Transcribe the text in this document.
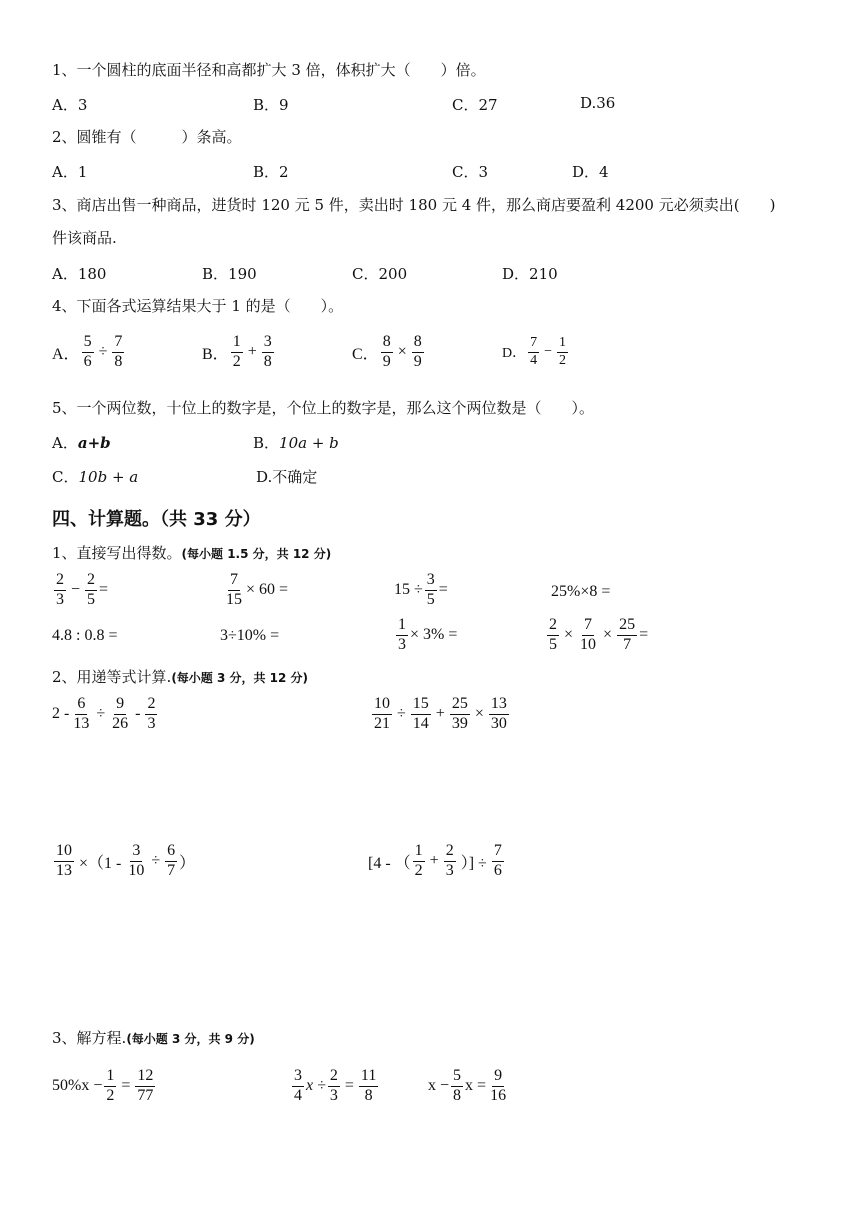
1、一个圆柱的底面半径和高都扩大 3 倍，体积扩大（　　）倍。
A．3	B．9	C．27	D.36
2、圆锥有（　　　）条高。
A．1	B．2	C．3	D．4
3、商店出售一种商品，进货时 120 元 5 件，卖出时 180 元 4 件，那么商店要盈利 4200 元必须卖出(　　)
件该商品.
A．180	B．190	C．200	D．210
4、下面各式运算结果大于 1 的是（　　）。
A． $\frac{5}{6} \div \frac{7}{8}$	B． $\frac{1}{2} + \frac{3}{8}$	C． $\frac{8}{9} \times \frac{8}{9}$	D． $\frac{7}{4} - \frac{1}{2}$
5、一个两位数，十位上的数字是，个位上的数字是，那么这个两位数是（　　）。
A．a+b	B．10a + b
C．10b + a	D.不确定
四、计算题。（共 33 分）
1、直接写出得数。(每小题 1.5 分，共 12 分)
$\frac{2}{3} - \frac{2}{5}$ =	$\frac{7}{15} \times 60$ =	$15 \div \frac{3}{5}$ =	25%×8 =
4.8 : 0.8 =	3÷10% =	$\frac{1}{3} \times 3\%$ =	$\frac{2}{5} \times \frac{7}{10} \times \frac{25}{7}$ =
2、用递等式计算.(每小题 3 分，共 12 分)
$2 - \frac{6}{13} \div \frac{9}{26} - \frac{2}{3}$	$\frac{10}{21} \div \frac{15}{14} + \frac{25}{39} \times \frac{13}{30}$
$\frac{10}{13} \times(1 - \frac{3}{10} \div \frac{6}{7}$ ）	[4 - （ $\frac{1}{2} + \frac{2}{3}$ ）] ÷ $\frac{7}{6}$
3、解方程.(每小题 3 分，共 9 分)
$50\%x - \frac{1}{2} = \frac{12}{77}$	$\frac{3}{4}$ $x \div \frac{2}{3} = \frac{11}{8}$	$x - \frac{5}{8}$ $x = \frac{9}{16}$
